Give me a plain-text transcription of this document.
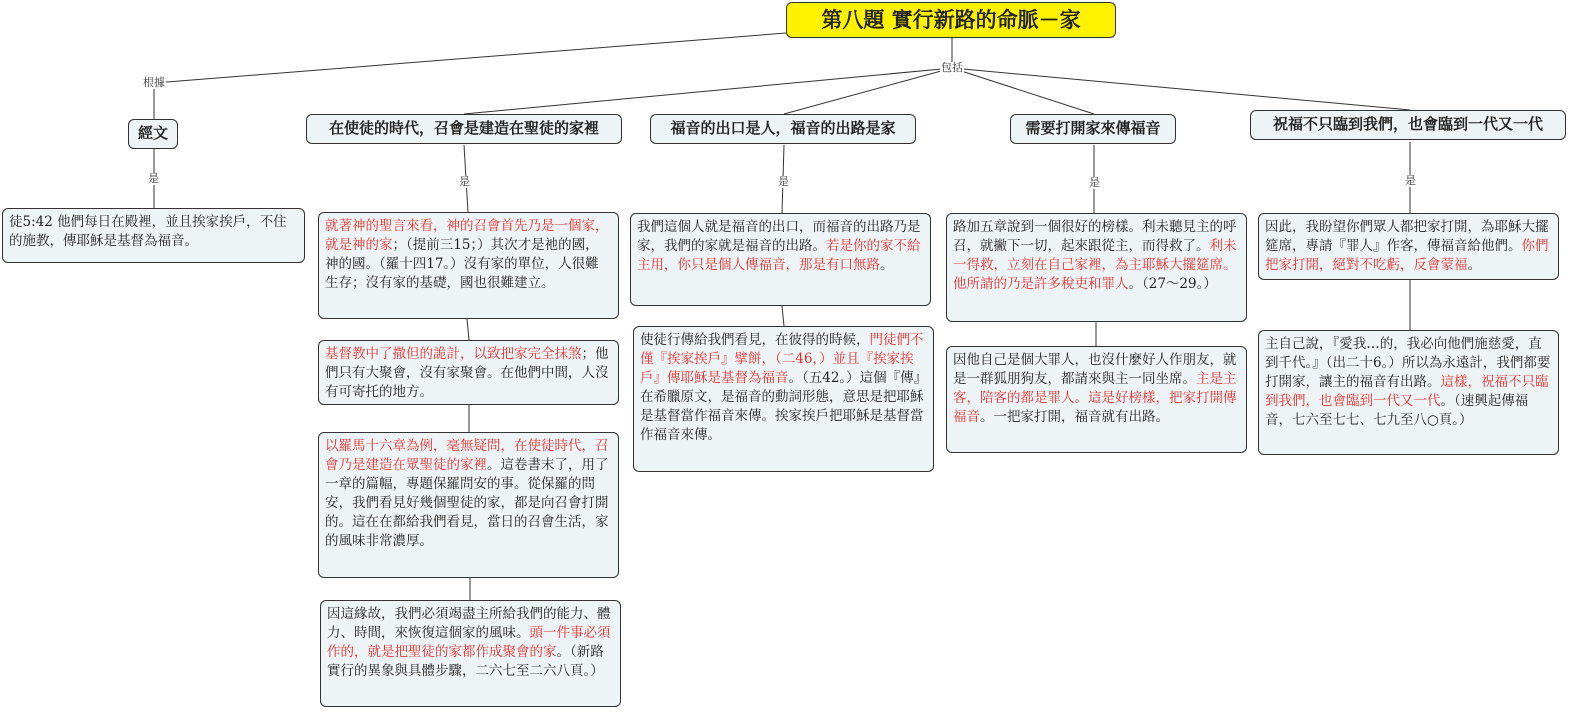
第八題 實行新路的命脈－家
根據
包括
是	是	是	是	是
經文	在使徒的時代，召會是建造在聖徒的家裡	福音的出口是人，福音的出路是家	需要打開家來傳福音	祝福不只臨到我們，也會臨到一代又一代
徒5:42 他們每日在殿裡，並且挨家挨戶，不住的施教，傳耶穌是基督為福音。
就著神的聖言來看，神的召會首先乃是一個家，就是神的家；（提前三15；）其次才是祂的國，神的國。（羅十四17。）沒有家的單位，人很難生存；沒有家的基礎，國也很難建立。
基督教中了撒但的詭計，以致把家完全抹煞；他們只有大聚會，沒有家聚會。在他們中間，人沒有可寄托的地方。
以羅馬十六章為例，毫無疑問，在使徒時代，召會乃是建造在眾聖徒的家裡。這卷書末了，用了一章的篇幅，專題保羅問安的事。從保羅的問安，我們看見好幾個聖徒的家，都是向召會打開的。這在在都給我們看見，當日的召會生活，家的風味非常濃厚。
因這緣故，我們必須竭盡主所給我們的能力、體力、時間，來恢復這個家的風味。頭一件事必須作的，就是把聖徒的家都作成聚會的家。（新路實行的異象與具體步驟，二六七至二六八頁。）
我們這個人就是福音的出口，而福音的出路乃是家，我們的家就是福音的出路。若是你的家不給主用，你只是個人傳福音，那是有口無路。
使徒行傳給我們看見，在彼得的時候，門徒們不僅『挨家挨戶』擘餅，（二46，）並且『挨家挨戶』傳耶穌是基督為福音。（五42。）這個『傳』在希臘原文，是福音的動詞形態，意思是把耶穌是基督當作福音來傳。挨家挨戶把耶穌是基督當作福音來傳。
路加五章說到一個很好的榜樣。利未聽見主的呼召，就撇下一切，起來跟從主，而得救了。利未一得救，立刻在自己家裡，為主耶穌大擺筵席。他所請的乃是許多稅吏和罪人。（27～29。）
因他自己是個大罪人，也沒什麼好人作朋友，就是一群狐朋狗友，都請來與主一同坐席。主是主客，陪客的都是罪人。這是好榜樣，把家打開傳福音。一把家打開，福音就有出路。
因此，我盼望你們眾人都把家打開，為耶穌大擺筵席，專請『罪人』作客，傳福音給他們。你們把家打開，絕對不吃虧，反會蒙福。
主自己說，『愛我…的，我必向他們施慈愛，直到千代。』（出二十6。）所以為永遠計，我們都要打開家，讓主的福音有出路。這樣，祝福不只臨到我們，也會臨到一代又一代。（速興起傳福音，七六至七七、七九至八○頁。）
